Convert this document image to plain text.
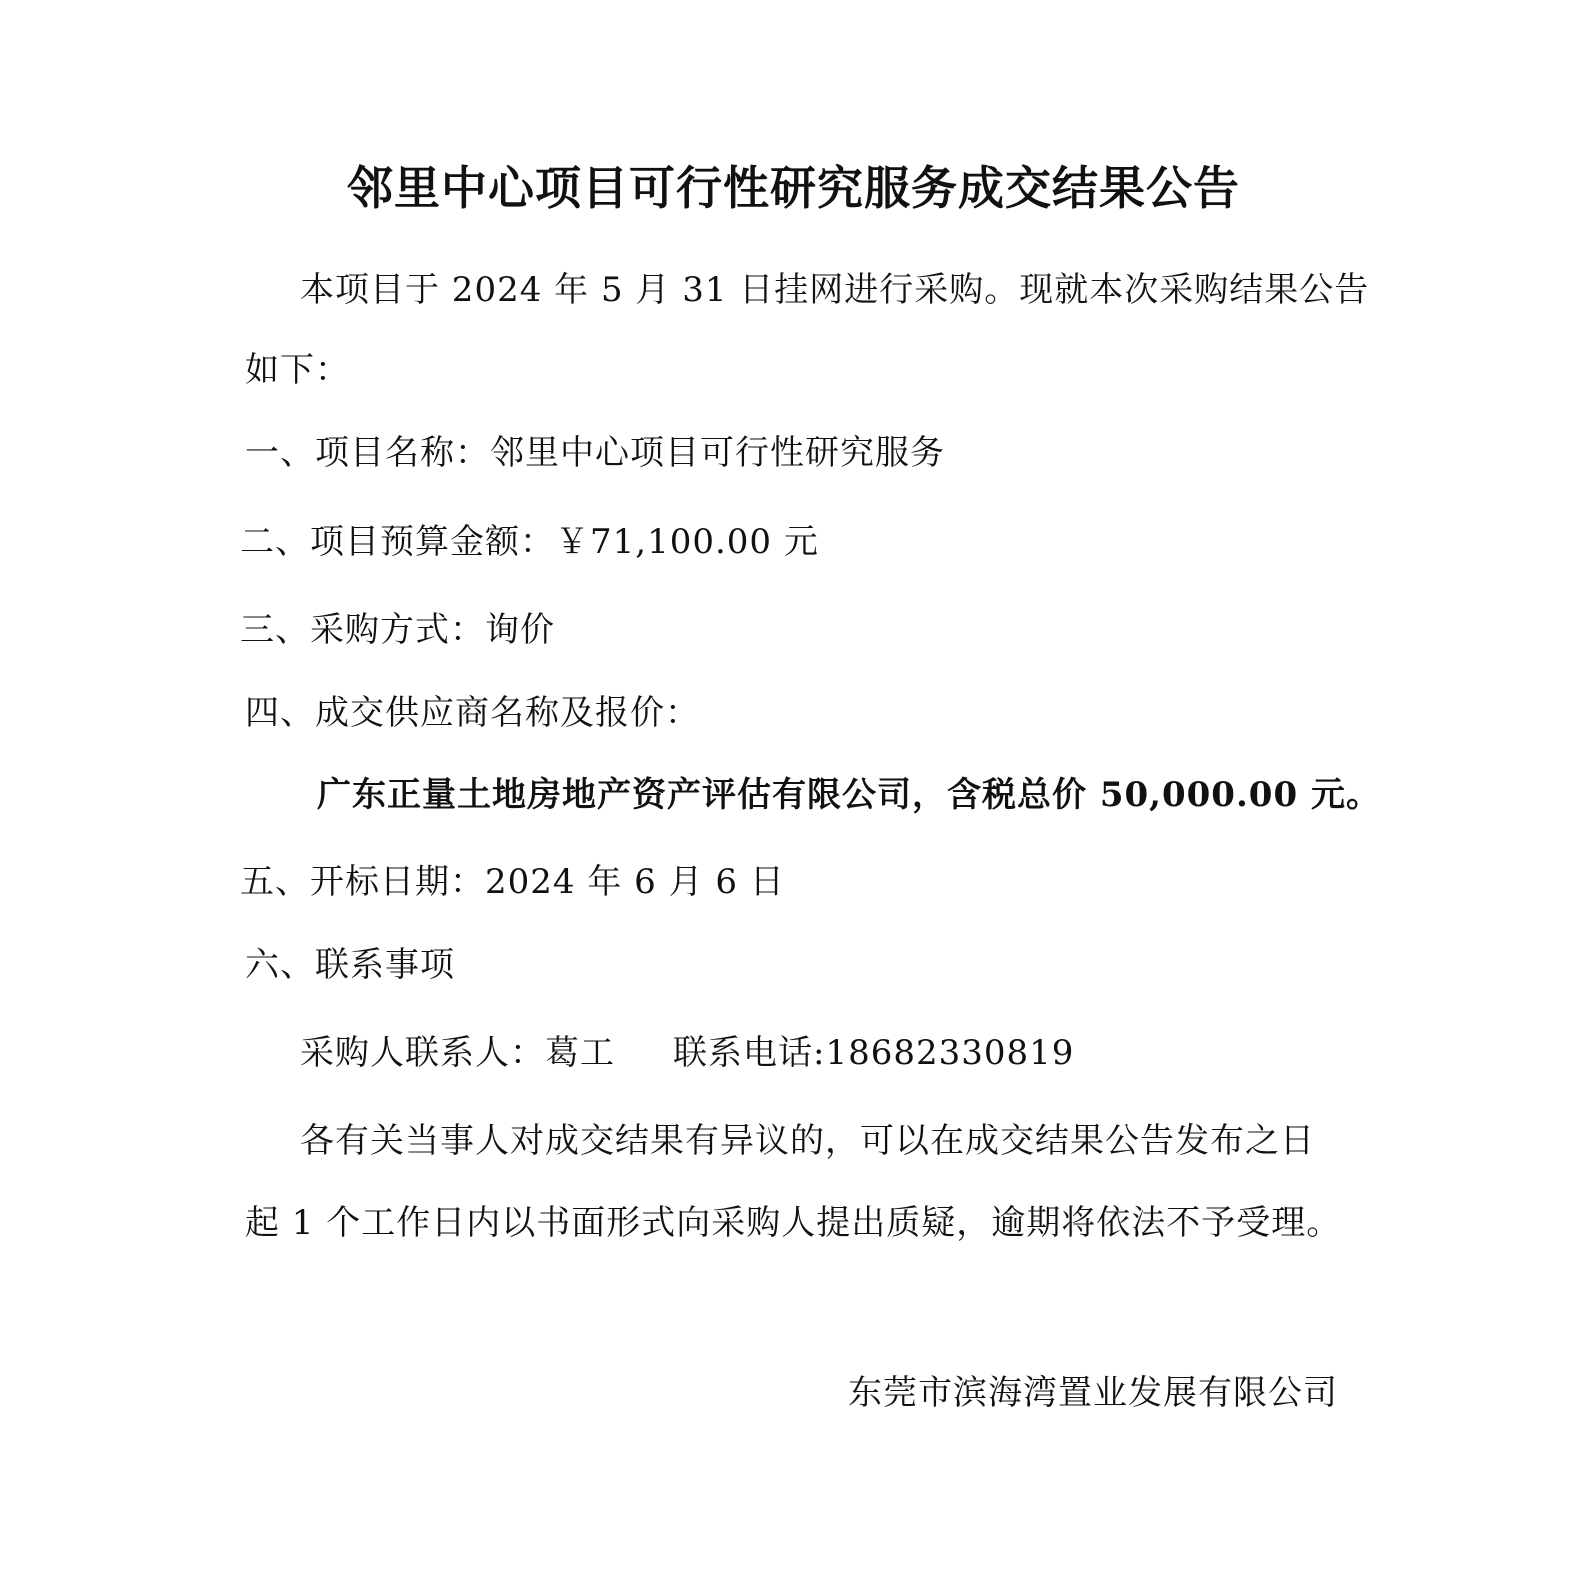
邻里中心项目可行性研究服务成交结果公告
本项目于 2024 年 5 月 31 日挂网进行采购。现就本次采购结果公告
如下：
一、项目名称：邻里中心项目可行性研究服务
二、项目预算金额：￥71,100.00 元
三、采购方式：询价
四、成交供应商名称及报价：
广东正量土地房地产资产评估有限公司，含税总价 50,000.00 元。
五、开标日期：2024 年 6 月 6 日
六、联系事项
采购人联系人：葛工 联系电话:18682330819
各有关当事人对成交结果有异议的，可以在成交结果公告发布之日
起 1 个工作日内以书面形式向采购人提出质疑，逾期将依法不予受理。
东莞市滨海湾置业发展有限公司
